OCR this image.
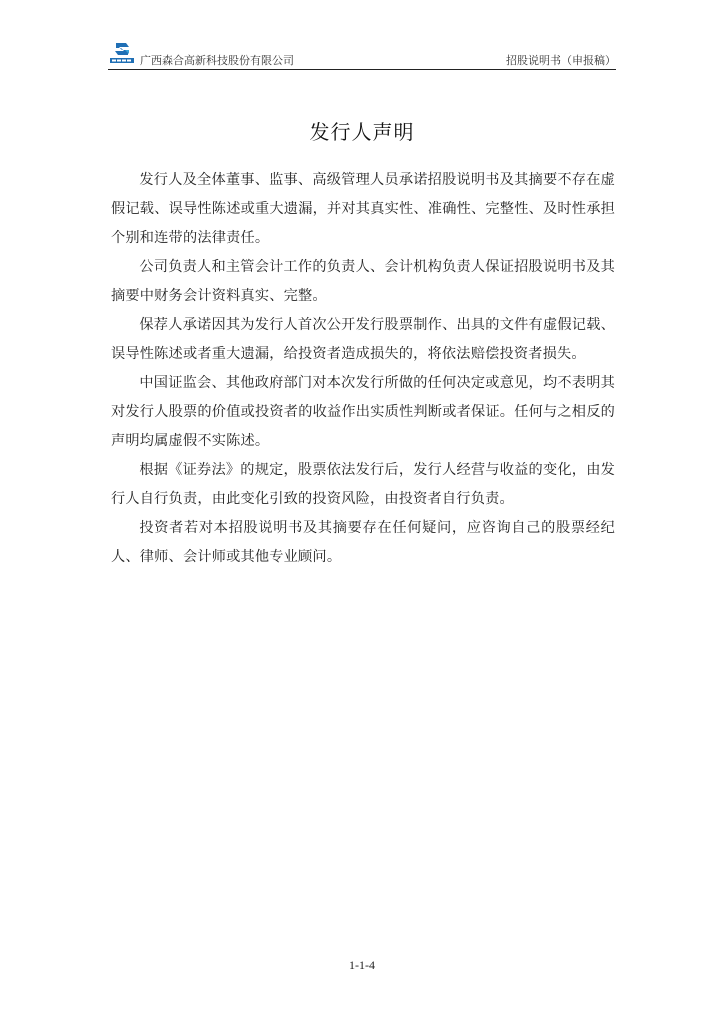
广西森合高新科技股份有限公司	招股说明书（申报稿）
发行人声明

发行人及全体董事、监事、高级管理人员承诺招股说明书及其摘要不存在虚假记载、误导性陈述或重大遗漏，并对其真实性、准确性、完整性、及时性承担个别和连带的法律责任。

公司负责人和主管会计工作的负责人、会计机构负责人保证招股说明书及其摘要中财务会计资料真实、完整。

保荐人承诺因其为发行人首次公开发行股票制作、出具的文件有虚假记载、误导性陈述或者重大遗漏，给投资者造成损失的，将依法赔偿投资者损失。

中国证监会、其他政府部门对本次发行所做的任何决定或意见，均不表明其对发行人股票的价值或投资者的收益作出实质性判断或者保证。任何与之相反的声明均属虚假不实陈述。

根据《证券法》的规定，股票依法发行后，发行人经营与收益的变化，由发行人自行负责，由此变化引致的投资风险，由投资者自行负责。

投资者若对本招股说明书及其摘要存在任何疑问，应咨询自己的股票经纪人、律师、会计师或其他专业顾问。

1-1-4
